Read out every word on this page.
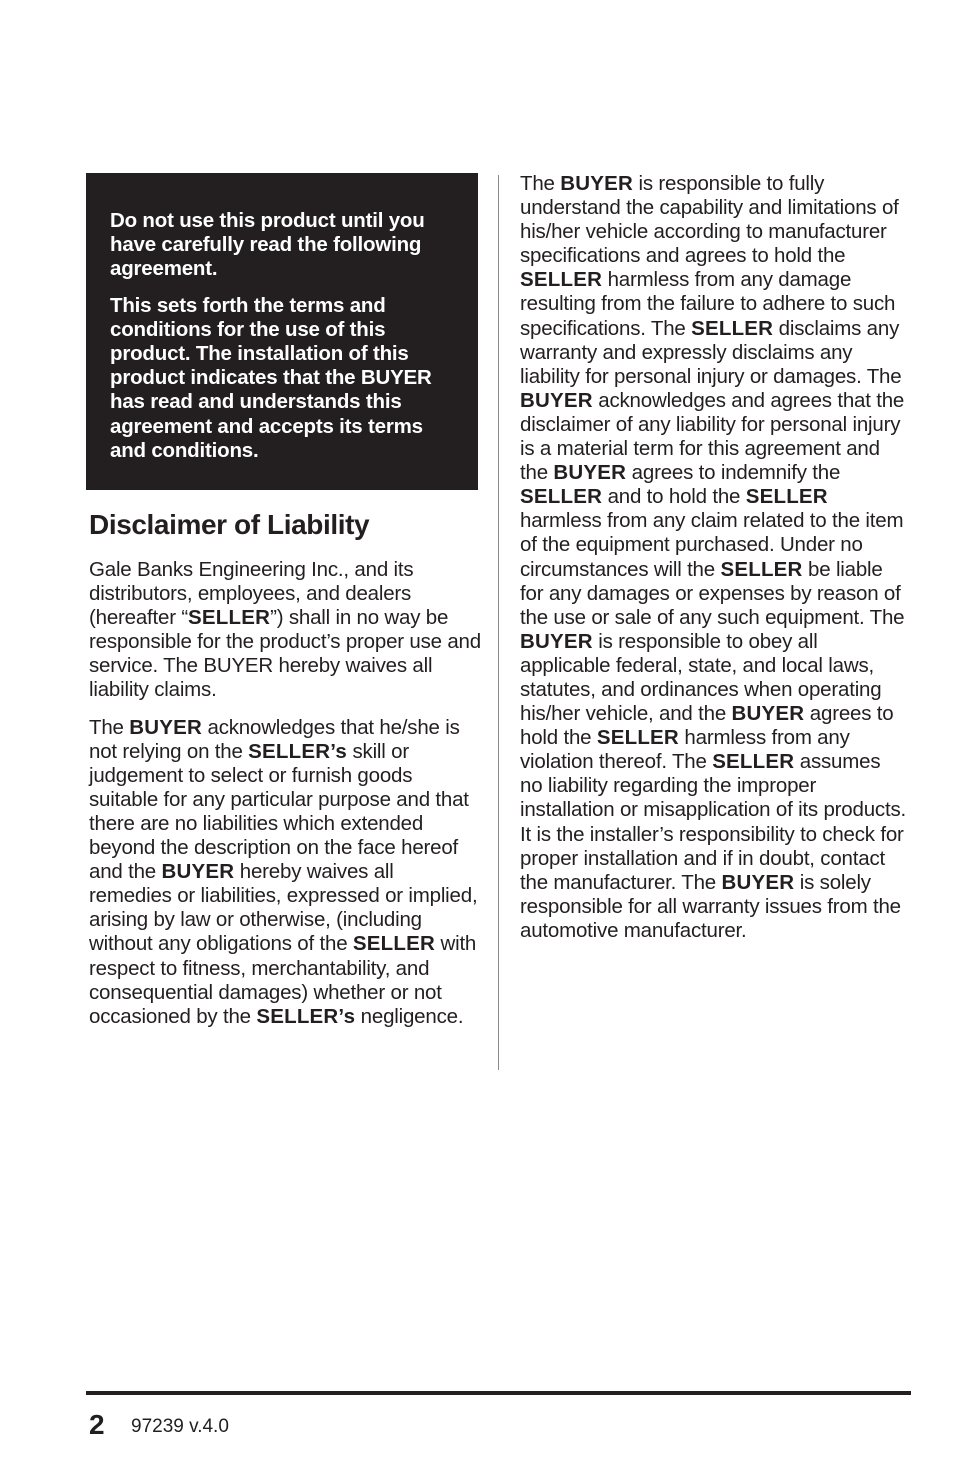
Do not use this product until you have carefully read the following agreement.

This sets forth the terms and conditions for the use of this product. The installation of this product indicates that the BUYER has read and understands this agreement and accepts its terms and conditions.

Disclaimer of Liability

Gale Banks Engineering Inc., and its distributors, employees, and dealers (hereafter “SELLER”) shall in no way be responsible for the product’s proper use and service. The BUYER hereby waives all liability claims.

The BUYER acknowledges that he/she is not relying on the SELLER’s skill or judgement to select or furnish goods suitable for any particular purpose and that there are no liabilities which extended beyond the description on the face hereof and the BUYER hereby waives all remedies or liabilities, expressed or implied, arising by law or otherwise, (including without any obligations of the SELLER with respect to fitness, merchantability, and consequential damages) whether or not occasioned by the SELLER’s negligence.

The BUYER is responsible to fully understand the capability and limitations of his/her vehicle according to manufacturer specifications and agrees to hold the SELLER harmless from any damage resulting from the failure to adhere to such specifications. The SELLER disclaims any warranty and expressly disclaims any liability for personal injury or damages. The BUYER acknowledges and agrees that the disclaimer of any liability for personal injury is a material term for this agreement and the BUYER agrees to indemnify the SELLER and to hold the SELLER harmless from any claim related to the item of the equipment purchased. Under no circumstances will the SELLER be liable for any damages or expenses by reason of the use or sale of any such equipment. The BUYER is responsible to obey all applicable federal, state, and local laws, statutes, and ordinances when operating his/her vehicle, and the BUYER agrees to hold the SELLER harmless from any violation thereof. The SELLER assumes no liability regarding the improper installation or misapplication of its products. It is the installer’s responsibility to check for proper installation and if in doubt, contact the manufacturer. The BUYER is solely responsible for all warranty issues from the automotive manufacturer.

2 97239 v.4.0
